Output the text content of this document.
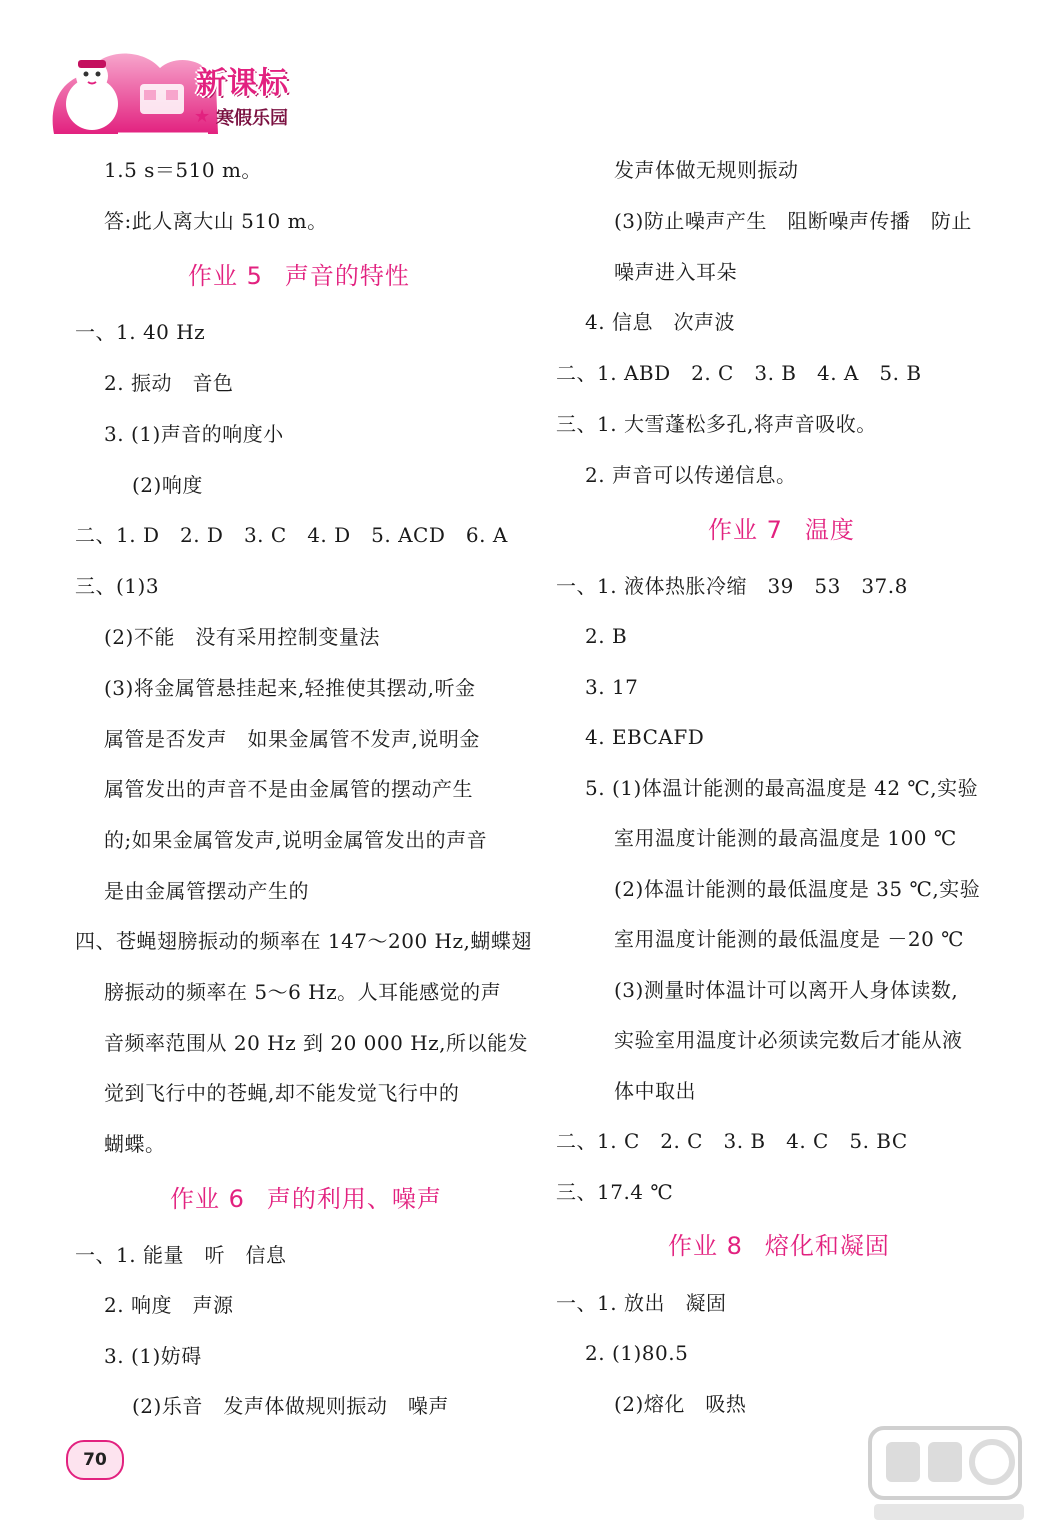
新课标
★ 寒假乐园
1.5 s＝510 m。
答:此人离大山 510 m。
作业 5 声音的特性
一、1. 40 Hz
2. 振动　音色
3. (1)声音的响度小
(2)响度
二、1. D　2. D　3. C　4. D　5. ACD　6. A
三、(1)3
(2)不能　没有采用控制变量法
(3)将金属管悬挂起来,轻推使其摆动,听金
属管是否发声　如果金属管不发声,说明金
属管发出的声音不是由金属管的摆动产生
的;如果金属管发声,说明金属管发出的声音
是由金属管摆动产生的
四、苍蝇翅膀振动的频率在 147～200 Hz,蝴蝶翅
膀振动的频率在 5～6 Hz。人耳能感觉的声
音频率范围从 20 Hz 到 20 000 Hz,所以能发
觉到飞行中的苍蝇,却不能发觉飞行中的
蝴蝶。
作业 6 声的利用、噪声
一、1. 能量　听　信息
2. 响度　声源
3. (1)妨碍
(2)乐音　发声体做规则振动　噪声
发声体做无规则振动
(3)防止噪声产生　阻断噪声传播　防止
噪声进入耳朵
4. 信息　次声波
二、1. ABD　2. C　3. B　4. A　5. B
三、1. 大雪蓬松多孔,将声音吸收。
2. 声音可以传递信息。
作业 7 温度
一、1. 液体热胀冷缩　39　53　37.8
2. B
3. 17
4. EBCAFD
5. (1)体温计能测的最高温度是 42 ℃,实验
室用温度计能测的最高温度是 100 ℃
(2)体温计能测的最低温度是 35 ℃,实验
室用温度计能测的最低温度是 －20 ℃
(3)测量时体温计可以离开人身体读数,
实验室用温度计必须读完数后才能从液
体中取出
二、1. C　2. C　3. B　4. C　5. BC
三、17.4 ℃
作业 8 熔化和凝固
一、1. 放出　凝固
2. (1)80.5
(2)熔化　吸热
70
